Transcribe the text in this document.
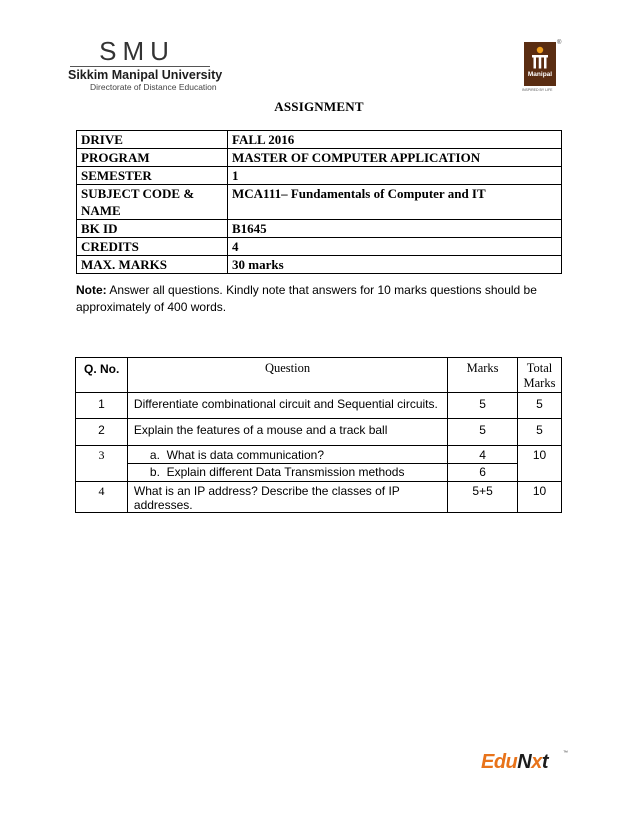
SMU
Sikkim Manipal University
Directorate of Distance Education
Manipal
®
INSPIRED BY LIFE
ASSIGNMENT
DRIVE	FALL 2016
PROGRAM	MASTER OF COMPUTER APPLICATION
SEMESTER	1

SUBJECT CODE &
NAME	MCA111– Fundamentals of Computer and IT
BK ID	B1645
CREDITS	4
MAX. MARKS	30 marks
Note: Answer all questions. Kindly note that answers for 10 marks questions should be approximately of 400 words.
Q. No.	Question	Marks	Total
Marks

1	Differentiate combinational circuit and Sequential circuits.	5	5
2	Explain the features of a mouse and a track ball	5	5
3	a.  What is data communication?	4	10
	b.  Explain different Data Transmission methods	6	
4	What is an IP address? Describe the classes of IP addresses.	5+5	10
EduNxt	™
